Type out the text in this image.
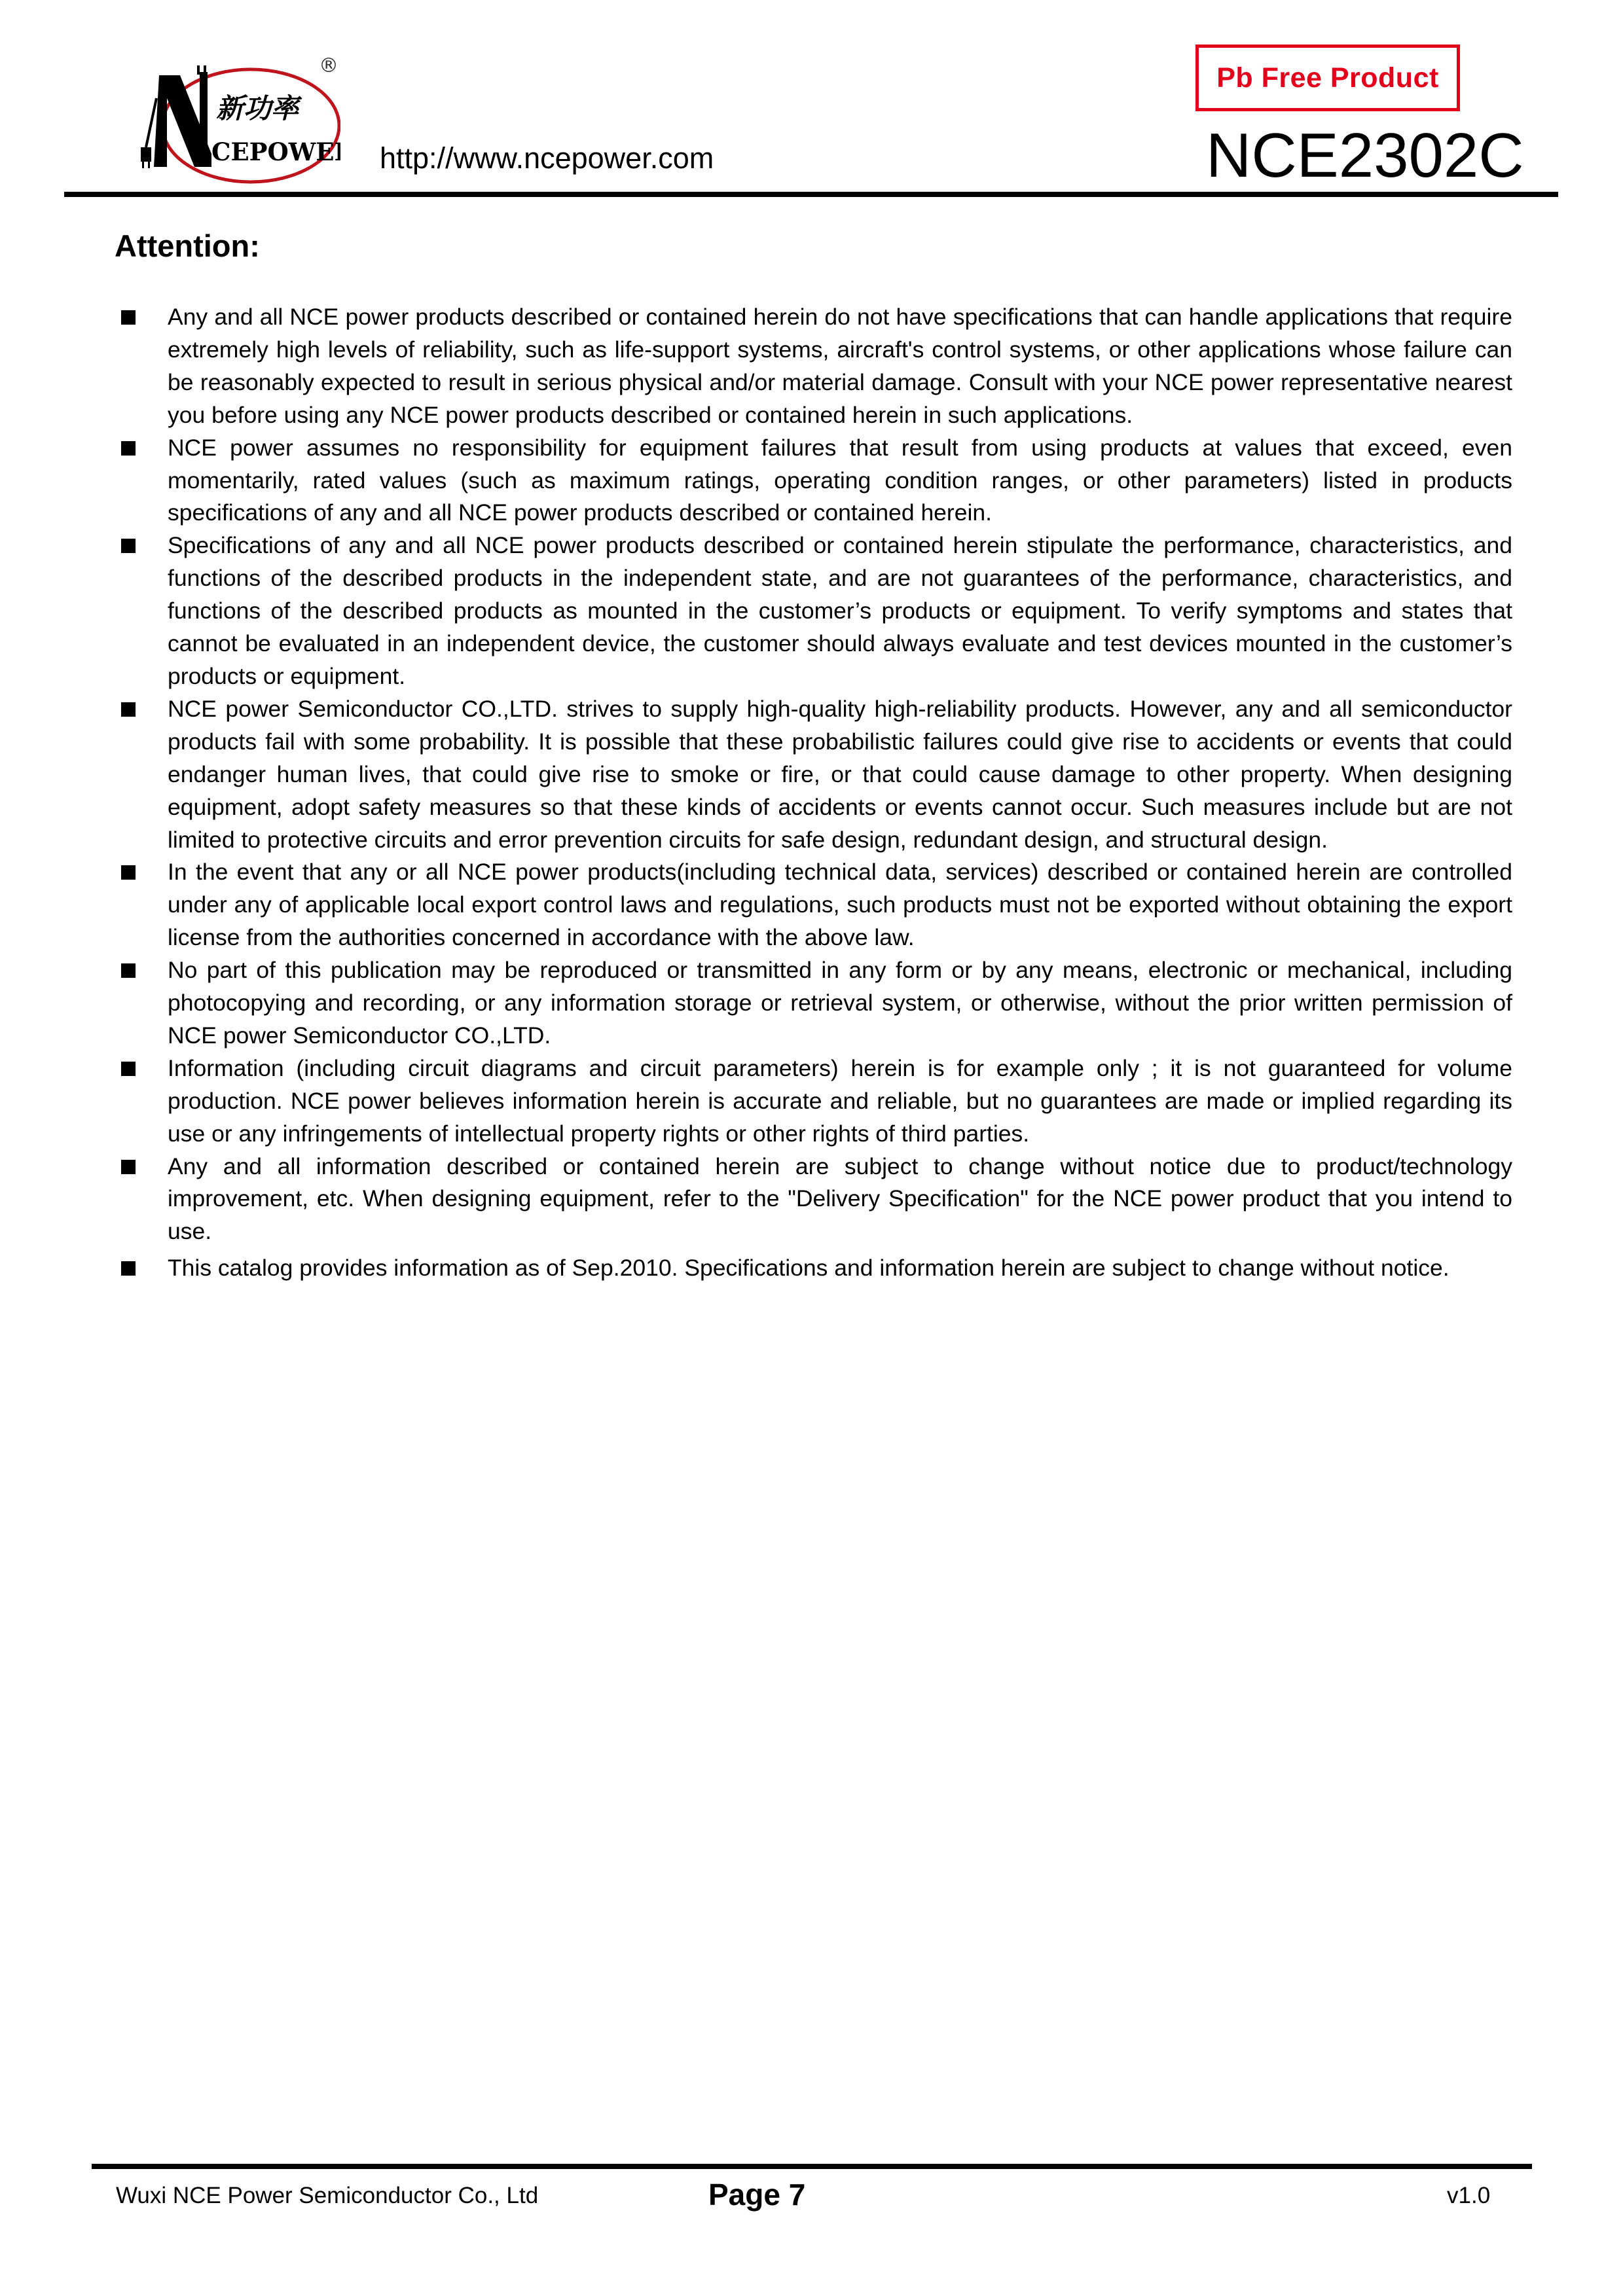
新功率
CEPOWER
®
http://www.ncepower.com
Pb Free Product
NCE2302C
Attention:

Any and all NCE power products described or contained herein do not have specifications that can handle applications that require extremely high levels of reliability, such as life-support systems, aircraft's control systems, or other applications whose failure can be reasonably expected to result in serious physical and/or material damage. Consult with your NCE power representative nearest you before using any NCE power products described or contained herein in such applications.

NCE power assumes no responsibility for equipment failures that result from using products at values that exceed, even momentarily, rated values (such as maximum ratings, operating condition ranges, or other parameters) listed in products specifications of any and all NCE power products described or contained herein.

Specifications of any and all NCE power products described or contained herein stipulate the performance, characteristics, and functions of the described products in the independent state, and are not guarantees of the performance, characteristics, and functions of the described products as mounted in the customer’s products or equipment. To verify symptoms and states that cannot be evaluated in an independent device, the customer should always evaluate and test devices mounted in the customer’s products or equipment.

NCE power Semiconductor CO.,LTD. strives to supply high-quality high-reliability products. However, any and all semiconductor products fail with some probability. It is possible that these probabilistic failures could give rise to accidents or events that could endanger human lives, that could give rise to smoke or fire, or that could cause damage to other property. When designing equipment, adopt safety measures so that these kinds of accidents or events cannot occur. Such measures include but are not limited to protective circuits and error prevention circuits for safe design, redundant design, and structural design.

In the event that any or all NCE power products(including technical data, services) described or contained herein are controlled under any of applicable local export control laws and regulations, such products must not be exported without obtaining the export license from the authorities concerned in accordance with the above law.

No part of this publication may be reproduced or transmitted in any form or by any means, electronic or mechanical, including photocopying and recording, or any information storage or retrieval system, or otherwise, without the prior written permission of NCE power Semiconductor CO.,LTD.

Information (including circuit diagrams and circuit parameters) herein is for example only ; it is not guaranteed for volume production. NCE power believes information herein is accurate and reliable, but no guarantees are made or implied regarding its use or any infringements of intellectual property rights or other rights of third parties.

Any and all information described or contained herein are subject to change without notice due to product/technology improvement, etc. When designing equipment, refer to the "Delivery Specification" for the NCE power product that you intend to use.

This catalog provides information as of Sep.2010. Specifications and information herein are subject to change without notice.

Wuxi NCE Power Semiconductor Co., Ltd	Page 7	v1.0
